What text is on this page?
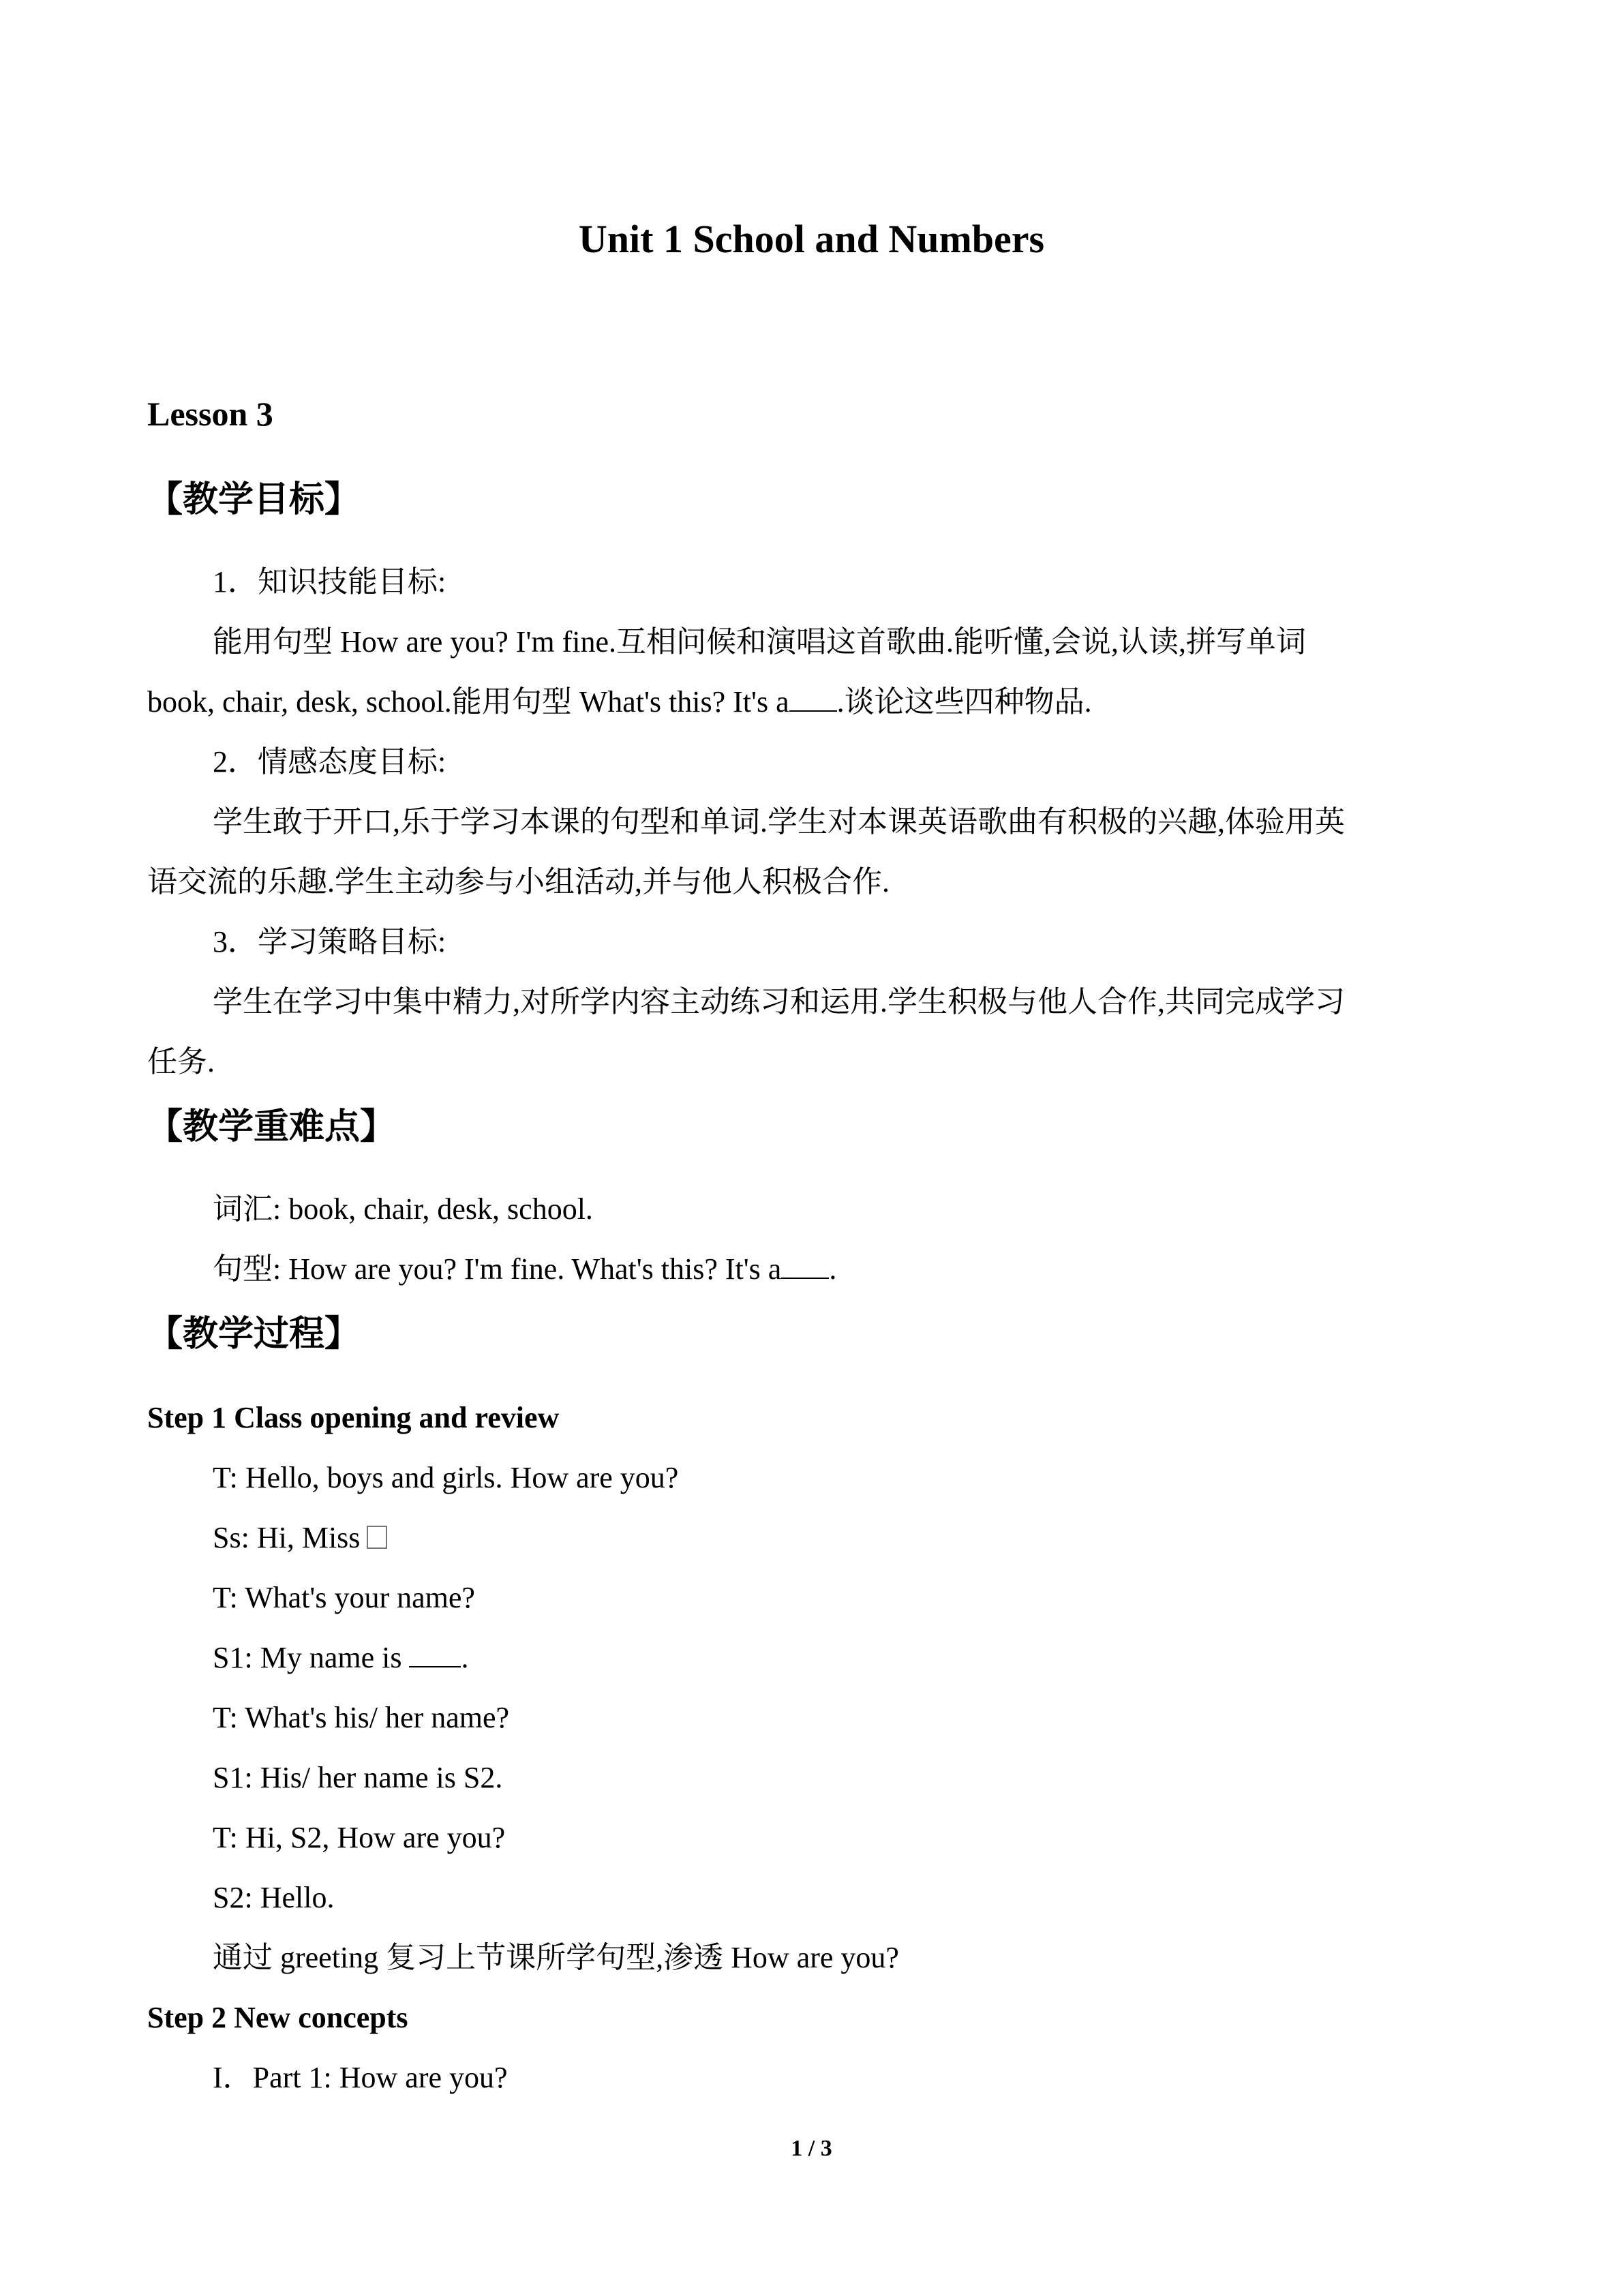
Unit 1 School and Numbers
Lesson 3
【教学目标】
1．知识技能目标:
能用句型 How are you? I'm fine.互相问候和演唱这首歌曲.能听懂,会说,认读,拼写单词
book, chair, desk, school.能用句型 What's this? It's a .谈论这些四种物品.
2．情感态度目标:
学生敢于开口,乐于学习本课的句型和单词.学生对本课英语歌曲有积极的兴趣,体验用英
语交流的乐趣.学生主动参与小组活动,并与他人积极合作.
3．学习策略目标:
学生在学习中集中精力,对所学内容主动练习和运用.学生积极与他人合作,共同完成学习
任务.
【教学重难点】
词汇: book, chair, desk, school.
句型: How are you? I'm fine. What's this? It's a .
【教学过程】
Step 1 Class opening and review
T: Hello, boys and girls. How are you?
Ss: Hi, Miss
T: What's your name?
S1: My name is .
T: What's his/ her name?
S1: His/ her name is S2.
T: Hi, S2, How are you?
S2: Hello.
通过 greeting 复习上节课所学句型,渗透 How are you?
Step 2 New concepts
I．Part 1: How are you?
1 / 3
